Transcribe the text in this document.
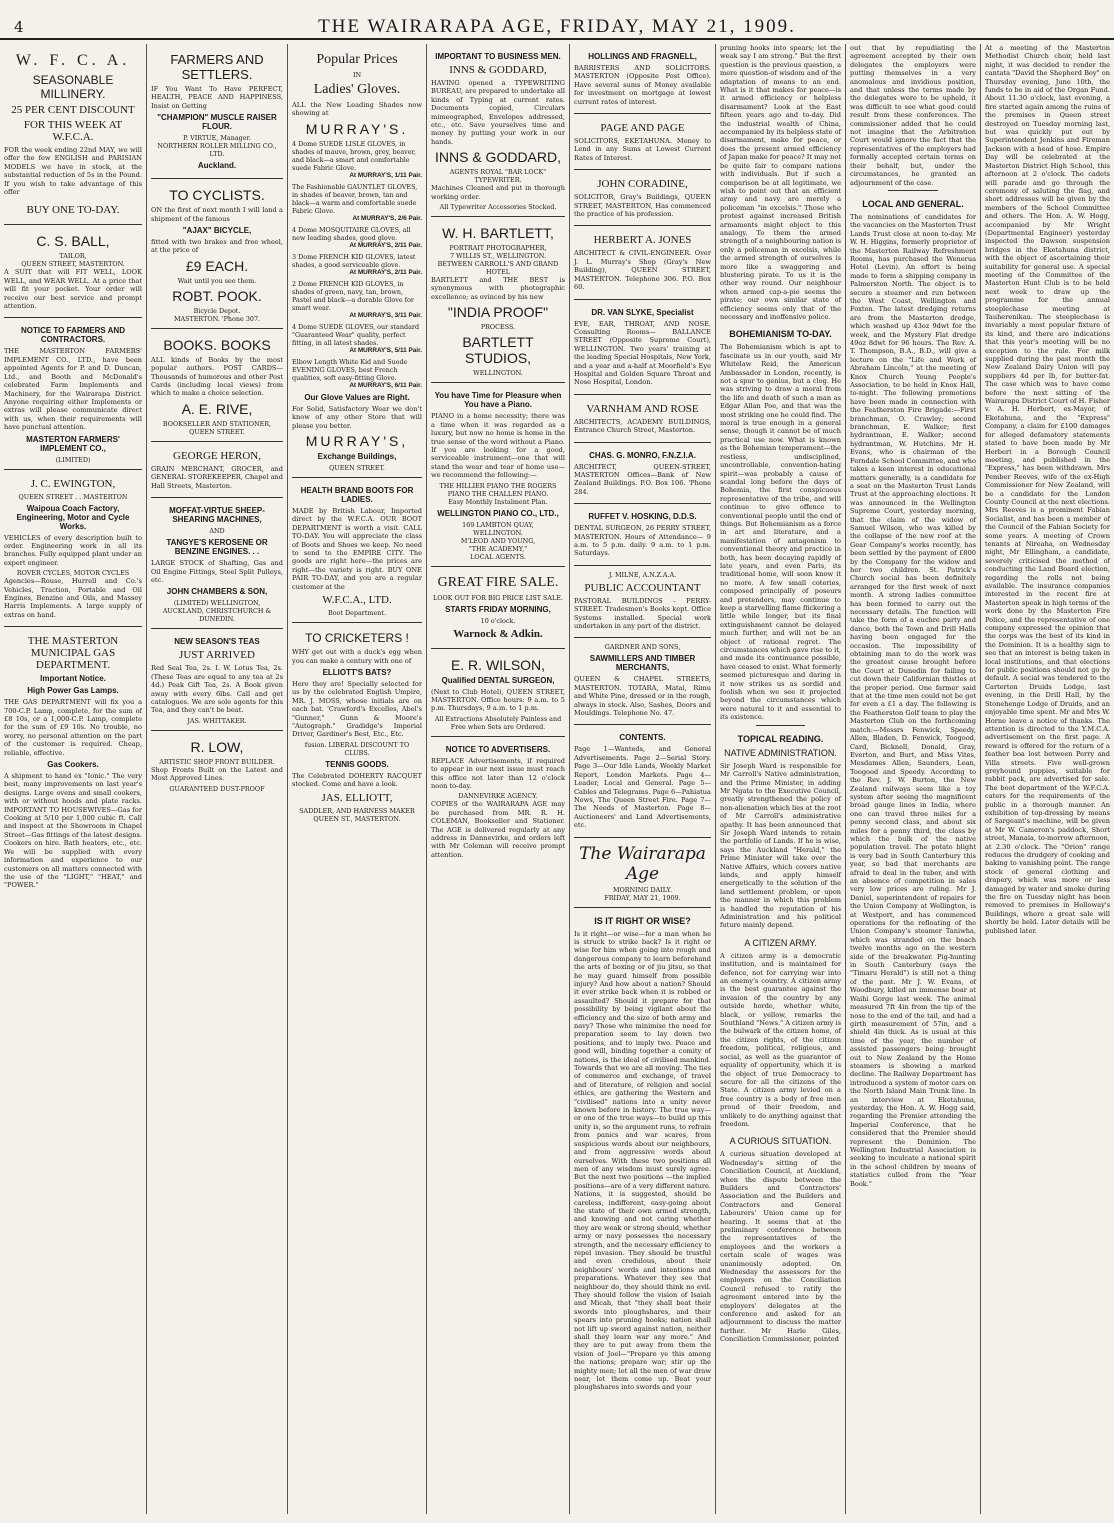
4	THE WAIRARAPA AGE, FRIDAY, MAY 21, 1909.
W. F. C. A.
SEASONABLE MILLINERY.
25 PER CENT DISCOUNT
FOR THIS WEEK AT W.F.C.A.

FOR the week ending 22nd MAY, we will offer the few ENGLISH and PARISIAN MODELS we have in stock, at the substantial reduction of 5s in the Pound. If you wish to take advantage of this offer

BUY ONE TO-DAY.
C. S. BALL,
TAILOR,
QUEEN STREET, MASTERTON.

A SUIT that will FIT WELL, LOOK WELL, and WEAR WELL. At a price that will fit your pocket. Your order will receive our best service and prompt attention.

NOTICE TO FARMERS AND CONTRACTORS.

THE MASTERTON FARMERS' IMPLEMENT CO., LTD., have been appointed Agents for P. and D. Duncan, Ltd., and Booth and McDonald's celebrated Farm Implements and Machinery, for the Wairarapa District. Anyone requiring either Implements or extras will please communicate direct with us, when their requirements will have punctual attention.

MASTERTON FARMERS' IMPLEMENT CO.,
(LIMITED)
J. C. EWINGTON,
QUEEN STREET . . MASTERTON
Waipoua Coach Factory, Engineering, Motor and Cycle Works.

VEHICLES of every description built to order. Engineering work in all its branches. Fully equipped plant under an expert engineer.

ROVER CYCLES, MOTOR CYCLES

Agencies—Rouse, Hurrell and Co.'s Vehicles, Traction, Portable and Oil Engines, Benzine and Oils, and Massey Harris Implements. A large supply of extras on hand.

THE MASTERTON MUNICIPAL GAS DEPARTMENT.
Important Notice.
High Power Gas Lamps.

THE GAS DEPARTMENT will fix you a 700-C.P. Lamp, complete, for the sum of £8 10s, or a 1,000-C.P. Lamp, complete for the sum of £9 10s. No trouble, no worry, no personal attention on the part of the customer is required. Cheap, reliable, effective.

Gas Cookers.

A shipment to hand ex "Ionic." The very best, many improvements on last year's designs. Large ovens and small cookers, with or without hoods and plate racks. IMPORTANT TO HOUSEWIVES—Gas for Cooking at 5/10 per 1,000 cubic ft. Call and inspect at the Showroom in Chapel Street—Gas fittings of the latest designs. Cookers on hire. Bath heaters, etc., etc. We will be supplied with every information and experience to our customers on all matters connected with the use of the "LIGHT," "HEAT," and "POWER."

FARMERS AND SETTLERS.

IF You Want To Have PERFECT, HEALTH, PEACE AND HAPPINESS, Insist on Getting

"CHAMPION" MUSCLE RAISER FLOUR.
P. VIRTUE, Manager.
NORTHERN ROLLER MILLING CO., LTD.
Auckland.
TO CYCLISTS.

ON the first of next month I will land a shipment of the famous

"AJAX" BICYCLE,

fitted with two brakes and free wheel, at the price of

£9 EACH.
Wait until you see them.
ROBT. POOK.
Bicycle Depot.
MASTERTON. 'Phone 307.
BOOKS. BOOKS

ALL kinds of Books by the most popular authors. POST CARDS—Thousands of humorous and other Post Cards (including local views) from which to make a choice selection.

A. E. RIVE,
BOOKSELLER AND STATIONER, QUEEN STREET.
GEORGE HERON,

GRAIN MERCHANT, GROCER, and GENERAL STOREKEEPER, Chapel and Hall Streets, Masterton.

MOFFAT-VIRTUE SHEEP-SHEARING MACHINES,
AND
TANGYE'S KEROSENE OR BENZINE ENGINES. . .

LARGE STOCK of Shafting, Gas and Oil Engine Fittings, Steel Split Pulleys, etc.

JOHN CHAMBERS & SON,
(LIMITED) WELLINGTON,
AUCKLAND, CHRISTCHURCH & DUNEDIN.
NEW SEASON'S TEAS
JUST ARRIVED

Red Seal Tea, 2s. I. W. Lotus Tea, 2s. (These Teas are equal to any tea at 2s 4d.) Peak Gift Tea, 2s. A Book given away with every 6lbs. Call and get catalogues. We are sole agents for this Tea, and they can't be beat.

JAS. WHITTAKER.
R. LOW,
ARTISTIC SHOP FRONT BUILDER.

Shop Fronts Built on the Latest and Most Approved Lines.

GUARANTEED DUST-PROOF
Popular Prices
IN
Ladies' Gloves.

ALL the New Leading Shades now showing at

MURRAY'S.
4 Dome SUEDE LISLE GLOVES, in shades of mauve, brown, grey, beaver, and black—a smart and comfortable suede Fabric Glove.
At MURRAY'S, 1/11 Pair.
The Fashionable GAUNTLET GLOVES, in shades of beaver, brown, tan and black—a warm and comfortable suede Fabric Glove.
At MURRAY'S, 2/6 Pair.
4 Dome MOSQUITAIRE GLOVES, all new leading shades, good glove.
At MURRAY'S, 2/11 Pair.
3 Dome FRENCH KID GLOVES, latest shades, a good serviceable glove.
At MURRAY'S, 2/11 Pair.
2 Dome FRENCH KID GLOVES, in shades of green, navy, tan, brown, Pastel and black—a durable Glove for smart wear.
At MURRAY'S, 3/11 Pair.
4 Dome SUEDE GLOVES, our standard "Guaranteed Wear" quality, perfect fitting, in all latest shades.
At MURRAY'S, 5/11 Pair.
Elbow Length White Kid and Suede EVENING GLOVES, best French qualities, soft easy-fitting Glove.
At MURRAY'S, 6/11 Pair.
Our Glove Values are Right.

For Solid, Satisfactory Wear we don't know of any other Store that will please you better.

MURRAY'S,
Exchange Buildings,
QUEEN STREET.
HEALTH BRAND BOOTS FOR LADIES.

MADE by British Labour, Imported direct by the W.F.C.A. OUR BOOT DEPARTMENT is worth a visit. CALL TO-DAY. You will appreciate the class of Boots and Shoes we keep. No need to send to the EMPIRE CITY. The goods are right here—the prices are right—the variety is right. BUY ONE PAIR TO-DAY, and you are a regular customer at the

W.F.C.A., LTD.
Boot Department.
TO CRICKETERS !

WHY get out with a duck's egg when you can make a century with one of

ELLIOTT'S BATS?

Here they are! Specially selected for us by the celebrated English Umpire, MR. J. MOSS, whose initials are on each bat. 'Crawford's Excelles, Abel's "Gunner," Gunn & Moore's "Autograph." Gradidge's Imperial Driver, Gardiner's Best, Etc., Etc.

fusion. LIBERAL DISCOUNT TO CLUBS.
TENNIS GOODS.

The Celebrated DOHERTY RACQUET stocked. Come and have a look.

JAS. ELLIOTT,
SADDLER, AND HARNESS MAKER QUEEN ST., MASTERTON.
IMPORTANT TO BUSINESS MEN.
INNS & GODDARD,

HAVING opened a TYPEWRITING BUREAU, are prepared to undertake all kinds of Typing at current rates. Documents copied, Circulars mimeographed, Envelopes addressed, etc., etc. Save yourselves time and money by putting your work in our hands.

INNS & GODDARD,
AGENTS ROYAL "BAR LOCK" TYPEWRITER.

Machines Cleaned and put in thorough working order.

All Typewriter Accessories Stocked.
W. H. BARTLETT,
PORTRAIT PHOTOGRAPHER,
7 WILLIS ST., WELLINGTON.
BETWEEN CARROLL'S AND GRAND HOTEL

BARTLETT and THE BEST is synonymous with photographic excellence; as evinced by his new

"INDIA PROOF"
PROCESS.
BARTLETT STUDIOS,
WELLINGTON.
You have Time for Pleasure when You have a Piano.

PIANO in a home necessity; there was a time when it was regarded as a luxury, but now no home is home in the true sense of the word without a Piano. If you are looking for a good, serviceable instrument—one that will stand the wear and tear of home use—we recommend the following:—

THE HILLIER PIANO THE ROGERS PIANO THE CHALLEN PIANO.
Easy Monthly Instalment Plan.
WELLINGTON PIANO CO., LTD.,
169 LAMBTON QUAY,
WELLINGTON.
M'LEOD AND YOUNG,
"THE ACADEMY,"
LOCAL AGENTS.
GREAT FIRE SALE.
LOOK OUT FOR BIG PRICE LIST SALE.
STARTS FRIDAY MORNING,
10 o'clock.
Warnock & Adkin.
E. R. WILSON,
Qualified DENTAL SURGEON,

(Next to Club Hotel), QUEEN STREET, MASTERTON. Office hours: 9 a.m. to 5 p.m. Thursdays, 9 a.m. to 1 p.m.

All Extractions Absolutely Painless and Free when Sets are Ordered.
NOTICE TO ADVERTISERS.

REPLACE Advertisements, if required to appear in our next issue must reach this office not later than 12 o'clock noon to-day.

DANNEVIRKE AGENCY.

COPIES of the WAIRARAPA AGE may be purchased from MR. R. H. COLEMAN, Bookseller and Stationer. The AGE is delivered regularly at any address in Dannevirke, and orders left with Mr Coleman will receive prompt attention.

HOLLINGS AND FRAGNELL,

BARRISTERS AND SOLICITORS. MASTERTON (Opposite Post Office). Have several sums of Money available for investment on mortgage at lowest current rates of interest.

PAGE AND PAGE

SOLICITORS, EKETAHUNA. Money to Lend in any Sums at Lowest Current Rates of Interest.

JOHN CORADINE,

SOLICITOR, Gray's Buildings, QUEEN STREET, MASTERTON, Has commenced the practice of his profession.

HERBERT A. JONES

ARCHITECT & CIVIL-ENGINEER. Over J. L. Murray's Shop (Gray's New Building), QUEEN STREET, MASTERTON. Telephone 306. P.O. Box 60.

DR. VAN SLYKE, Specialist

EYE, EAR, THROAT, AND NOSE. Consulting Rooms— BALLANCE STREET (Opposite Supreme Court), WELLINGTON. Two years' training at the leading Special Hospitals, New York, and a year and a-half at Moorfield's Eye Hospital and Golden Square Throat and Nose Hospital, London.

VARNHAM AND ROSE

ARCHITECTS, ACADEMY BUILDINGS, Entrance Church Street, Masterton.

CHAS. G. MONRO, F.N.Z.I.A.

ARCHITECT, QUEEN-STREET, MASTERTON Offices—Bank of New Zealand Buildings. P.O. Box 106. 'Phone 284.

RUFFET V. HOSKING, D.D.S.

DENTAL SURGEON, 26 PERRY STREET, MASTERTON. Hours of Attendance— 9 a.m. to 5 p.m. daily. 9 a.m. to 1 p.m. Saturdays.

J. MILNE, A.N.Z.A.A.
PUBLIC ACCOUNTANT

PASTORAL BUILDINGS - PERRY-STREET. Tradesmen's Books kept. Office Systems installed. Special work undertaken in any part of the district.

GARDNER AND SONS,
SAWMILLERS AND TIMBER MERCHANTS,

QUEEN & CHAPEL STREETS, MASTERTON. TOTARA, Matai, Rimu and White Pine, dressed or in the rough, always in stock. Also, Sashes, Doors and Mouldings. Telephone No. 47.

CONTENTS.

Page 1—Wanteds, and General Advertisements. Page 2—Serial Story. Page 3—Our Idle Lands, Weekly Market Report, London Markets. Page 4—Leader, Local and General. Page 5—Cables and Telegrams. Page 6—Pahiatua News, The Queen Street Fire. Page 7—The Needs of Masterton. Page 8—Auctioneers' and Land Advertisements, etc.

The Wairarapa Age
MORNING DAILY.
FRIDAY, MAY 21, 1909.
IS IT RIGHT OR WISE?

Is it right—or wise—for a man when he is struck to strike back? Is it right or wise for him when going into rough and dangerous company to learn beforehand the arts of boxing or of jiu jitsu, so that he may guard himself from possible injury? And how about a nation? Should it ever strike back when it is robbed or assaulted? Should it prepare for that possibility by being vigilant about the efficiency and the size of both army and navy? Those who minimise the need for preparation seem to lay down two positions, and to imply two. Peace and good will, binding together a comity of nations, is the ideal of civilised mankind. Towards that we are all moving. The ties of commerce and exchange, of travel and of literature, of religion and social ethics, are gathering the Western and "civilised" nations into a unity never known before in history. The true way—or one of the true ways—to build up this unity is, so the argument runs, to refrain from panics and war scares, from suspicious words about our neighbours, and from aggressive words about ourselves. With these two positions all men of any wisdom must surely agree. But the next two positions —the implied positions—are of a very different nature. Nations, it is suggested, should be careless, indifferent, easy-going about the state of their own armed strength, and knowing and not caring whether they are weak or strong should, whether army or navy possesses the necessary strength, and the necessary efficiency to repel invasion. They should be trustful and even credulous, about their neighbours' words and intentions and preparations. Whatever they see that neighbour do, they should think no evil. They should follow the vision of Isaiah and Micah, that "they shall beat their swords into ploughshares, and their spears into pruning hooks; nation shall not lift up sword against nation, neither shall they learn war any more." And they are to put away from them the vision of Joel—"Prepare ye this among the nations; prepare war; stir up the mighty men; let all the men of war draw near, let them come up. Beat your ploughshares into swords and your

pruning hooks into spears; let the weak say I am strong." But the first question is the previous question, a mere question-of wisdom and of the adaptation of means to an end. What is it that makes for peace—is it armed efficiency or helpless disarmament? Look at the East fifteen years ago and to-day. Did the industrial wealth of China, accompanied by its helpless state of disarmament, make for peace, or does the present armed efficiency of Japan make for peace? It may not be quite fair to compare nations with individuals. But if such a comparison be at all legitimate, we wish to point out that an efficient army and navy are merely a policeman "in excelsis." Those who protest against increased British armaments might object to this analogy. To them the armed strength of a neighbouring nation is only a policeman in excelsis, while the armed strength of ourselves is more like a swaggering and blustering pirate. To us it is the other way round. Our neighbour when armed cap-a-pie seems the pirate; our own similar state of efficiency seems only that of the necessary and inoffensive police.

BOHEMIANISM TO-DAY.

The Bohemianism which is apt to fascinate us in our youth, said Mr Whitelaw Reid, the American Ambassador in London, recently, is not a spur to genius, but a clog. He was striving to draw a moral from the life and death of such a man as Edgar Allan Poe, and that was the most striking one he could find. The moral is true enough in a general sense, though it cannot be of much practical use now. What is known as the Bohemian temperament—the restless, undisciplined, uncontrollable, convention-hating spirit—was probably a cause of scandal long before the days of Bohemia, the first conspicuous representative of the tribe, and will continue to give offence to conventional people until the end of things. But Bohemianism as a force in art and literature, and a manifestation of antagonism to conventional theory and practice in both, has been decaying rapidly of late years, and even Paris, its traditional home, will soon know it no more. A few small coteries, composed principally of poseurs and pretenders, may continue to keep a starvelling flame flickering a little while longer, but its final extinguishment cannot be delayed much further, and will not be an object of rational regret. The circumstances which gave rise to it, and made its continuance possible, have ceased to exist. What formerly seemed picturesque and daring in it now strikes us as sordid and foolish when we see it projected beyond the circumstances which were natural to it and essential to its existence.

TOPICAL READING.
NATIVE ADMINISTRATION.

Sir Joseph Ward is responsible for Mr Carroll's Native administration, and the Prime Minister, in adding Mr Ngata to the Executive Council, greatly strengthened the policy of non-alienation which lies at the root of Mr Carroll's administrative apathy. It has been announced that Sir Joseph Ward intends to retain the portfolio of Lands. If he is wise, says the Auckland "Herald," the Prime Minister will take over the Native Affairs, which covers native lands, and apply himself energetically to the solution of the land settlement problem, or upon the manner in which this problem is handled the reputation of his Administration and his political future mainly depend.

A CITIZEN ARMY.

A citizen army is a democratic institution, and is maintained for defence, not for carrying war into an enemy's country. A citizen army is the best guarantee against the invasion of the country by any outside horde, whether white, black, or yellow, remarks the Southland "News." A citizen army is the bulwark of the citizen home, of the citizen rights, of the citizen freedom, political, religious, and social, as well as the guarantor of equality of opportunity, which it is the object of true Democracy to secure for all the citizens of the State. A citizen army levied on a free country is a body of free men proud of their freedom, and unlikely to do anything against that freedom.

A CURIOUS SITUATION.

A curious situation developed at Wednesday's sitting of the Conciliation Council, at Auckland, when the dispute between the Builders and Contractors' Association and the Builders and Contractors and General Labourers' Union came up for hearing. It seems that at the preliminary conference between the representatives of the employees and the workers a certain scale of wages was unanimously adopted. On Wednesday the assessors for the employers on the Conciliation Council refused to ratify the agreement entered into by the employers' delegates at the conference and asked for an adjournment to discuss the matter further. Mr Harle Giles, Conciliation Commissioner, pointed

out that by repudiating the agreement accepted by their own delegates the employers were putting themselves in a very anomalous and invidious position, and that unless the terms made by the delegates were to be upheld, it was difficult to see what good could result from these conferences. The commissioner added that he could not imagine that the Arbitration Court would ignore the fact that the representatives of the employers had formally accepted certain terms on their behalf, but, under the circumstances, he granted an adjournment of the case.

LOCAL AND GENERAL.

The nominations of candidates for the vacancies on the Masterton Trust Lands Trust close at noon to-day. Mr W. H. Higgins, formerly proprietor of the Masterton Railway Refreshment Rooms, has purchased the Wenerua Hotel (Levin). An effort is being made to form a shipping company in Palmerston North. The object is to secure a steamer and run between the West Coast, Wellington and Foxton. The latest dredging returns are from the Masterton dredge, which washed up 43oz 9dwt for the week, and the Mystery Flat dredge 49oz 8dwt for 96 hours. The Rev. A. T. Thompson, B.A., B.D., will give a lecture on the "Life and Work of Abraham Lincoln," at the meeting of Knox Church Young People's Association, to be held in Knox Hall, to-night. The following promotions have been made in connection with the Featherston Fire Brigade:—First branchman, O. Crawley; second branchman, E. Walker; first hydrantman, E. Walker; second hydrantman, W. Hutchins. Mr H. Evans, who is chairman of the Ferndale School Committee, and who takes a keen interest in educational matters generally, is a candidate for a seat on the Masterton Trust Lands Trust at the approaching elections. It was announced in the Wellington Supreme Court, yesterday morning, that the claim of the widow of Samuel Wilson, who was killed by the collapse of the new roof at the Gear Company's works recently, has been settled by the payment of £800 by the Company for the widow and her two children. St. Patrick's Church social has been definitely arranged for the first week of next month. A strong ladies committee has been formed to carry out the necessary details. The function will take the form of a euchre party and dance, both the Town and Drill Halls having been engaged for the occasion. The impossibility of obtaining man to do the work was the greatest cause brought before the Court at Dunedin for failing to cut down their Californian thistles at the proper period. One farmer said that at the time men could not be got for even a £1 a day. The following is the Featherston Golf team to play the Masterton Club on the forthcoming match:—Messrs Fenwick, Speedy, Allen, Bladen, D. Fenwick, Toogood, Card, Bicknell, Donald, Gray, Everton, and Burt, and Miss Vites, Mesdames Allen, Saunders, Lean, Toogood and Speedy. According to the Rev. J. W. Burton, the New Zealand railways seem like a toy system after seeing the magnificent broad gauge lines in India, where one can travel three miles for a penny second class, and about six miles for a penny third, the class by which the bulk of the native population travel. The potato blight is very bad in South Canterbury this year, so bad that merchants are afraid to deal in the tuber, and with an absence of competition in sales very low prices are ruling. Mr J. Daniel, superintendent of repairs for the Union Company at Wellington, is at Westport, and has commenced operations for the refloating of the Union Company's steamer Taniwha, which was stranded on the beach twelve months ago on the western side of the breakwater. Pig-hunting in South Canterbury (says the "Timaru Herald") is still not a thing of the past. Mr J. W. Evans, of Woodbury, killed an immense boar at Waihi Gorge last week. The animal measured 7ft 4in from the tip of the nose to the end of the tail, and had a girth measurement of 57in, and a shield 4in thick. As is usual at this time of the year, the number of assisted passengers being brought out to New Zealand by the Home steamers is showing a marked decline. The Railway Department has introduced a system of motor cars on the North Island Main Trunk line. In an interview at Eketahuna, yesterday, the Hon. A. W. Hogg said, regarding the Premier attending the Imperial Conference, that he considered that the Premier should represent the Dominion. The Wellington Industrial Association is seeking to inculcate a national spirit in the school children by means of statistics culled from the "Year Book."

At a meeting of the Masterton Methodist Church choir, held last night, it was decided to render the cantata "David the Shepherd Boy" on Thursday evening, June 10th, the funds to be in aid of the Organ Fund. About 11.30 o'clock, last evening, a fire started again among the ruins of the premises in Queen street destroyed on Tuesday morning last, but was quickly put out by Superintendent Jenkins and Fireman Jackson with a head of hose. Empire Day will be celebrated at the Masterton District High School, this afternoon at 2 o'clock. The cadets will parade and go through the ceremony of saluting the flag, and short addresses will be given by the members of the School Committee and others. The Hon. A. W. Hogg, accompanied by Mr Wright (Departmental Engineer) yesterday inspected the Dawson suspension bridges in the Eketahuna district, with the object of ascertaining their suitability for general use. A special meeting of the Committee of the Masterton Hunt Club is to be held next week to draw up the programme for the annual steeplechase meeting at Tauherenikau. The steeplechase is invariably a most popular fixture of its kind, and there are indications that this year's meeting will be no exception to the rule. For milk supplied during the past month the New Zealand Dairy Union will pay suppliers 4d per lb, for butter-fat. The case which was to have come before the next sitting of the Wairarapa District Court of H. Fisher v. A. H. Herbert, ex-Mayor, of Eketahuna, and the "Express" Company, a claim for £100 damages for alleged defamatory statements stated to have been made by Mr Herbert in a Borough Council meeting, and published in the "Express," has been withdrawn. Mrs Pember Reeves, wife of the ex-High Commissioner for New Zealand, will be a candidate for the London County Council at the next elections. Mrs Reeves is a prominent Fabian Socialist, and has been a member of the Council of the Fabian Society for some years. A meeting of Crown tenants at Nireaha, on Wednesday night, Mr Ellingham, a candidate, severely criticised the method of conducting the Land Board election, regarding the rolls not being available. The insurance companies interested in the recent fire at Masterton speak in high terms of the work done by the Masterton Fire Police, and the representative of one company expressed the opinion that the corps was the best of its kind in the Dominion. It is a healthy sign to see that an interest is being taken in local institutions, and that elections for public positions should not go by default. A social was tendered to the Carterton Druids Lodge, last evening, in the Drill Hall, by the Stonehenge Lodge of Druids, and an enjoyable time spent. Mr and Mrs W. Horne leave a notice of thanks. The attention is directed to the Y.M.C.A. advertisement on the first page. A reward is offered for the return of a feather boa lost between Perry and Villa streets. Five well-grown greyhound puppies, suitable for rabbit pack, are advertised for sale. The boot department of the W.F.C.A. caters for the requirements of the public in a thorough manner. An exhibition of top-dressing by means of Sargeant's machine, will be given at Mr W. Cameron's paddock, Short street, Manaia, to-morrow afternoon, at 2.30 o'clock. The "Orion" range reduces the drudgery of cooking and baking to vanishing point. The range stock of general clothing and drapery, which was more or less damaged by water and smoke during the fire on Tuesday night has been removed to premises in Holloway's Buildings, where a great sale will shortly be held. Later details will be published later.
